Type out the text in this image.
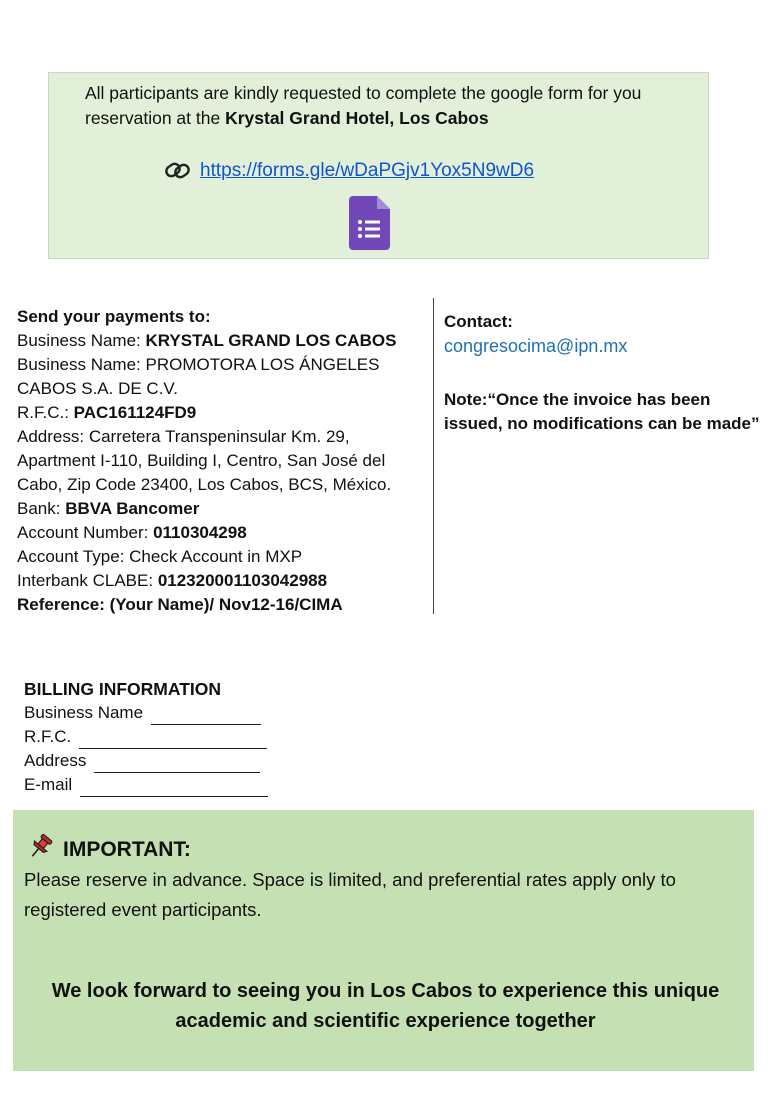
All participants are kindly requested to complete the google form for you reservation at the Krystal Grand Hotel, Los Cabos
https://forms.gle/wDaPGjv1Yox5N9wD6
Send your payments to:
Business Name: KRYSTAL GRAND LOS CABOS
Business Name: PROMOTORA LOS ÁNGELES CABOS S.A. DE C.V.
R.F.C.: PAC161124FD9
Address: Carretera Transpeninsular Km. 29, Apartment I-110, Building I, Centro, San José del Cabo, Zip Code 23400, Los Cabos, BCS, México.
Bank: BBVA Bancomer
Account Number: 0110304298
Account Type: Check Account in MXP
Interbank CLABE: 012320001103042988
Reference: (Your Name)/ Nov12-16/CIMA
Contact:
congresocima@ipn.mx
Note:“Once the invoice has been issued, no modifications can be made”
BILLING INFORMATION
Business Name
R.F.C.
Address
E-mail
IMPORTANT:
Please reserve in advance. Space is limited, and preferential rates apply only to registered event participants.
We look forward to seeing you in Los Cabos to experience this unique academic and scientific experience together
